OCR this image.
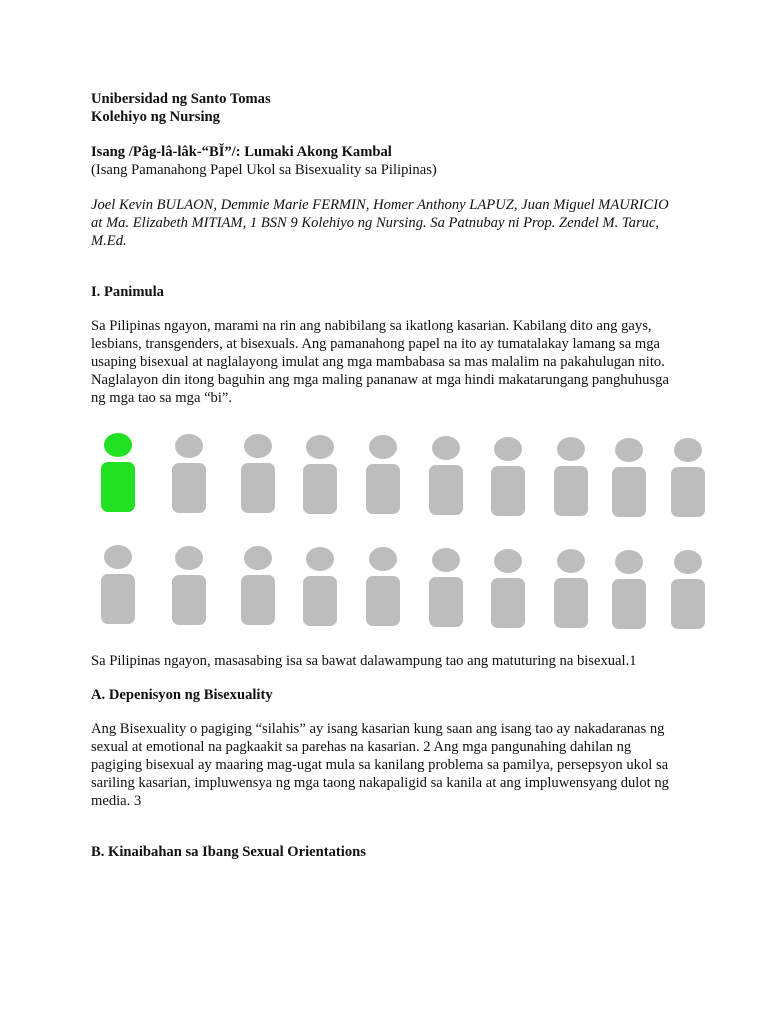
Unibersidad ng Santo Tomas

Kolehiyo ng Nursing

Isang /Pâg-lâ-lâk-“BĬ”/: Lumaki Akong Kambal

(Isang Pamanahong Papel Ukol sa Bisexuality sa Pilipinas)

Joel Kevin BULAON, Demmie Marie FERMIN, Homer Anthony LAPUZ, Juan Miguel MAURICIO at Ma. Elizabeth MITIAM, 1 BSN 9 Kolehiyo ng Nursing. Sa Patnubay ni Prop. Zendel M. Taruc, M.Ed.

I. Panimula

Sa Pilipinas ngayon, marami na rin ang nabibilang sa ikatlong kasarian. Kabilang dito ang gays, lesbians, transgenders, at bisexuals. Ang pamanahong papel na ito ay tumatalakay lamang sa mga usaping bisexual at naglalayong imulat ang mga mambabasa sa mas malalim na pakahulugan nito. Naglalayon din itong baguhin ang mga maling pananaw at mga hindi makatarungang panghuhusga ng mga tao sa mga “bi”.

Sa Pilipinas ngayon, masasabing isa sa bawat dalawampung tao ang matuturing na bisexual.1

A. Depenisyon ng Bisexuality

Ang Bisexuality o pagiging “silahis” ay isang kasarian kung saan ang isang tao ay nakadaranas ng sexual at emotional na pagkaakit sa parehas na kasarian. 2 Ang mga pangunahing dahilan ng pagiging bisexual ay maaring mag-ugat mula sa kanilang problema sa pamilya, persepsyon ukol sa sariling kasarian, impluwensya ng mga taong nakapaligid sa kanila at ang impluwensyang dulot ng media. 3

B. Kinaibahan sa Ibang Sexual Orientations
